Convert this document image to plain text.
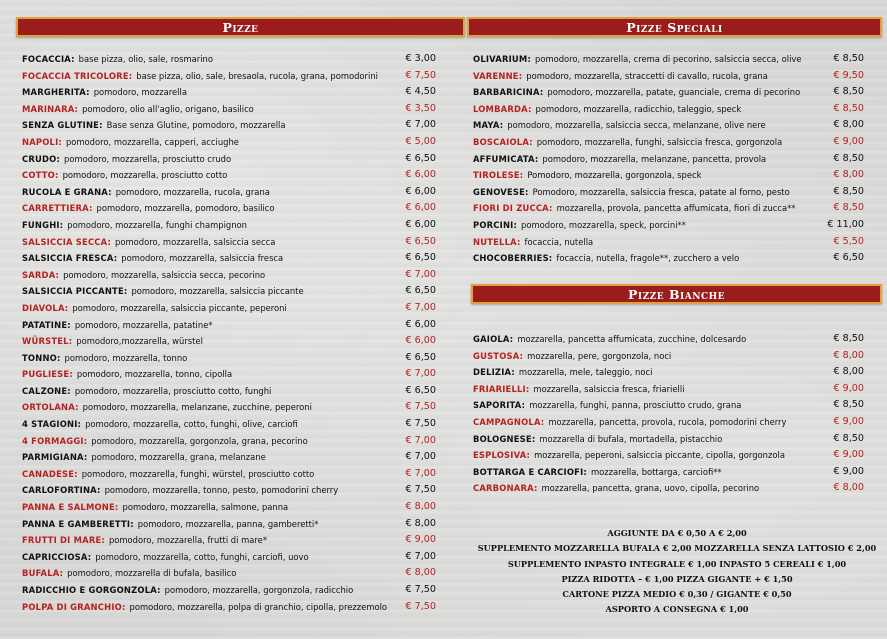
Pizze
FOCACCIA: base pizza, olio, sale, rosmarino	€ 3,00
FOCACCIA TRICOLORE: base pizza, olio, sale, bresaola, rucola, grana, pomodorini	€ 7,50
MARGHERITA: pomodoro, mozzarella	€ 4,50
MARINARA: pomodoro, olio all'aglio, origano, basilico	€ 3,50
SENZA GLUTINE: Base senza Glutine, pomodoro, mozzarella	€ 7,00
NAPOLI: pomodoro, mozzarella, capperi, acciughe	€ 5,00
CRUDO: pomodoro, mozzarella, prosciutto crudo	€ 6,50
COTTO: pomodoro, mozzarella, prosciutto cotto	€ 6,00
RUCOLA E GRANA: pomodoro, mozzarella, rucola, grana	€ 6,00
CARRETTIERA: pomodoro, mozzarella, pomodoro, basilico	€ 6,00
FUNGHI: pomodoro, mozzarella, funghi champignon	€ 6,00
SALSICCIA SECCA: pomodoro, mozzarella, salsiccia secca	€ 6,50
SALSICCIA FRESCA: pomodoro, mozzarella, salsiccia fresca	€ 6,50
SARDA: pomodoro, mozzarella, salsiccia secca, pecorino	€ 7,00
SALSICCIA PICCANTE: pomodoro, mozzarella, salsiccia piccante	€ 6,50
DIAVOLA: pomodoro, mozzarella, salsiccia piccante, peperoni	€ 7,00
PATATINE: pomodoro, mozzarella, patatine*	€ 6,00
WÜRSTEL: pomodoro,mozzarella, würstel	€ 6,00
TONNO: pomodoro, mozzarella, tonno	€ 6,50
PUGLIESE: pomodoro, mozzarella, tonno, cipolla	€ 7,00
CALZONE: pomodoro, mozzarella, prosciutto cotto, funghi	€ 6,50
ORTOLANA: pomodoro, mozzarella, melanzane, zucchine, peperoni	€ 7,50
4 STAGIONI: pomodoro, mozzarella, cotto, funghi, olive, carciofi	€ 7,50
4 FORMAGGI: pomodoro, mozzarella, gorgonzola, grana, pecorino	€ 7,00
PARMIGIANA: pomodoro, mozzarella, grana, melanzane	€ 7,00
CANADESE: pomodoro, mozzarella, funghi, würstel, prosciutto cotto	€ 7,00
CARLOFORTINA: pomodoro, mozzarella, tonno, pesto, pomodorini cherry	€ 7,50
PANNA E SALMONE: pomodoro, mozzarella, salmone, panna	€ 8,00
PANNA E GAMBERETTI: pomodoro, mozzarella, panna, gamberetti*	€ 8,00
FRUTTI DI MARE: pomodoro, mozzarella, frutti di mare*	€ 9,00
CAPRICCIOSA: pomodoro, mozzarella, cotto, funghi, carciofi, uovo	€ 7,00
BUFALA: pomodoro, mozzarella di bufala, basilico	€ 8,00
RADICCHIO E GORGONZOLA: pomodoro, mozzarella, gorgonzola, radicchio	€ 7,50
POLPA DI GRANCHIO: pomodoro, mozzarella, polpa di granchio, cipolla, prezzemolo € 7,50
Pizze Speciali
OLIVARIUM: pomodoro, mozzarella, crema di pecorino, salsiccia secca, olive	€ 8,50
VARENNE: pomodoro, mozzarella, straccetti di cavallo, rucola, grana	€ 9,50
BARBARICINA: pomodoro, mozzarella, patate, guanciale, crema di pecorino	€ 8,50
LOMBARDA: pomodoro, mozzarella, radicchio, taleggio, speck	€ 8,50
MAYA: pomodoro, mozzarella, salsiccia secca, melanzane, olive nere	€ 8,00
BOSCAIOLA: pomodoro, mozzarella, funghi, salsiccia fresca, gorgonzola	€ 9,00
AFFUMICATA: pomodoro, mozzarella, melanzane, pancetta, provola	€ 8,50
TIROLESE: Pomodoro, mozzarella, gorgonzola, speck	€ 8,00
GENOVESE: Pomodoro, mozzarella, salsiccia fresca, patate al forno, pesto	€ 8,50
FIORI DI ZUCCA: mozzarella, provola, pancetta affumicata, fiori di zucca**	€ 8,50
PORCINI: pomodoro, mozzarella, speck, porcini**	€ 11,00
NUTELLA: focaccia, nutella	€ 5,50
CHOCOBERRIES: focaccia, nutella, fragole**, zucchero a velo	€ 6,50
Pizze Bianche
GAIOLA: mozzarella, pancetta affumicata, zucchine, dolcesardo	€ 8,50
GUSTOSA: mozzarella, pere, gorgonzola, noci	€ 8,00
DELIZIA: mozzarella, mele, taleggio, noci	€ 8,00
FRIARIELLI: mozzarella, salsiccia fresca, friarielli	€ 9,00
SAPORITA: mozzarella, funghi, panna, prosciutto crudo, grana	€ 8,50
CAMPAGNOLA: mozzarella, pancetta, provola, rucola, pomodorini cherry	€ 9,00
BOLOGNESE: mozzarella di bufala, mortadella, pistacchio	€ 8,50
ESPLOSIVA: mozzarella, peperoni, salsiccia piccante, cipolla, gorgonzola	€ 9,00
BOTTARGA E CARCIOFI: mozzarella, bottarga, carciofi**	€ 9,00
CARBONARA: mozzarella, pancetta, grana, uovo, cipolla, pecorino	€ 8,00
AGGIUNTE DA € 0,50 A € 2,00
SUPPLEMENTO MOZZARELLA BUFALA € 2,00 MOZZARELLA SENZA LATTOSIO € 2,00
SUPPLEMENTO INPASTO INTEGRALE € 1,00 INPASTO 5 CEREALI € 1,00
PIZZA RIDOTTA – € 1,00 PIZZA GIGANTE + € 1,50
CARTONE PIZZA MEDIO € 0,30 / GIGANTE € 0,50
ASPORTO A CONSEGNA € 1,00
